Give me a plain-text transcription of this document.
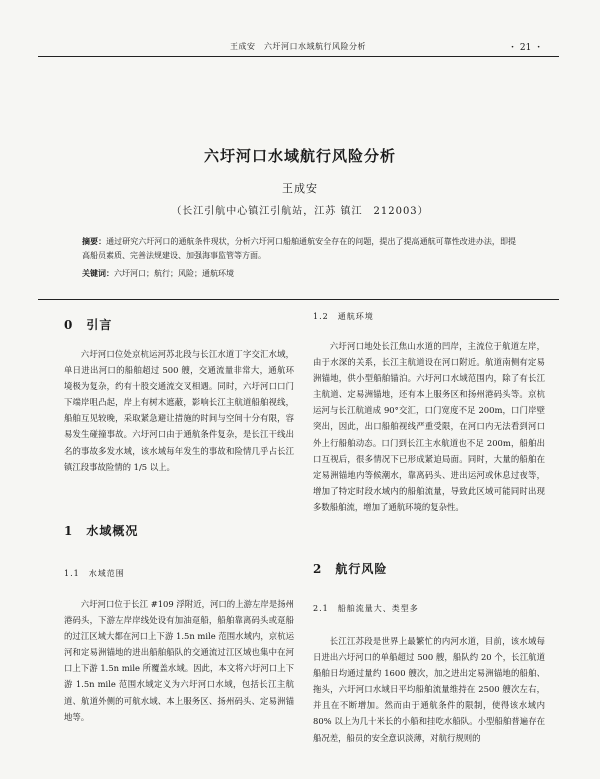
王成安　六圩河口水域航行风险分析	・ 21 ・
六圩河口水域航行风险分析
王成安
（长江引航中心镇江引航站，江苏 镇江　212003）
摘要：通过研究六圩河口的通航条件现状，分析六圩河口船舶通航安全存在的问题，提出了提高通航可靠性改进办法，即提高船员素质、完善法规建设、加强海事监管等方面。
关键词：六圩河口；航行；风险；通航环境
0　引言

六圩河口位处京杭运河苏北段与长江水道丁字交汇水域，单日进出河口的船舶超过 500 艘，交通流量非常大，通航环境极为复杂，约有十股交通流交叉相遇。同时，六圩河口口门下端岸咀凸起，岸上有树木遮蔽，影响长江主航道船舶视线，船舶互见较晚，采取紧急避让措施的时间与空间十分有限，容易发生碰撞事故。六圩河口由于通航条件复杂，是长江干线出名的事故多发水域，该水域每年发生的事故和险情几乎占长江镇江段事故险情的 1/5 以上。

1　水域概况
1.1　水域范围

六圩河口位于长江 #109 浮附近，河口的上游左岸是扬州港码头，下游左岸岸线处设有加油趸船，船舶靠离码头或趸船的过江区域大都在河口上下游 1.5n mile 范围水域内，京杭运河和定易洲锚地的进出船舶船队的交通流过江区域也集中在河口上下游 1.5n mile 所覆盖水域。因此，本文将六圩河口上下游 1.5n mile 范围水域定义为六圩河口水域，包括长江主航道、航道外侧的可航水域、本上服务区、扬州码头、定易洲锚地等。

1.2　通航环境

六圩河口地处长江焦山水道的凹岸，主流位于航道左岸，由于水深的关系，长江主航道设在河口附近。航道南侧有定易洲锚地，供小型船舶锚泊。六圩河口水域范围内，除了有长江主航道、定易洲锚地，还有本上服务区和扬州港码头等。京杭运河与长江航道成 90°交汇，口门宽度不足 200m，口门岸壁突出，因此，出口船舶视线严重受限，在河口内无法看到河口外上行船舶动态。口门到长江主水航道也不足 200m，船舶出口互视后，很多情况下已形成紧迫局面。同时，大量的船舶在定易洲锚地内等候潮水，靠离码头、进出运河或休息过夜等，增加了特定时段水域内的船舶流量，导致此区域可能同时出现多数船舶流，增加了通航环境的复杂性。

2　航行风险
2.1　船舶流量大、类型多

长江江苏段是世界上最繁忙的内河水道，目前，该水域每日进出六圩河口的单船超过 500 艘，船队约 20 个，长江航道船舶日均通过量约 1600 艘次，加之进出定易洲锚地的船舶、拖头，六圩河口水域日平均船舶流量维持在 2500 艘次左右，并且在不断增加。然而由于通航条件的限制，使得该水域内 80% 以上为几十米长的小船和挂吃水船队。小型船舶普遍存在船况差，船员的安全意识淡薄，对航行规则的
